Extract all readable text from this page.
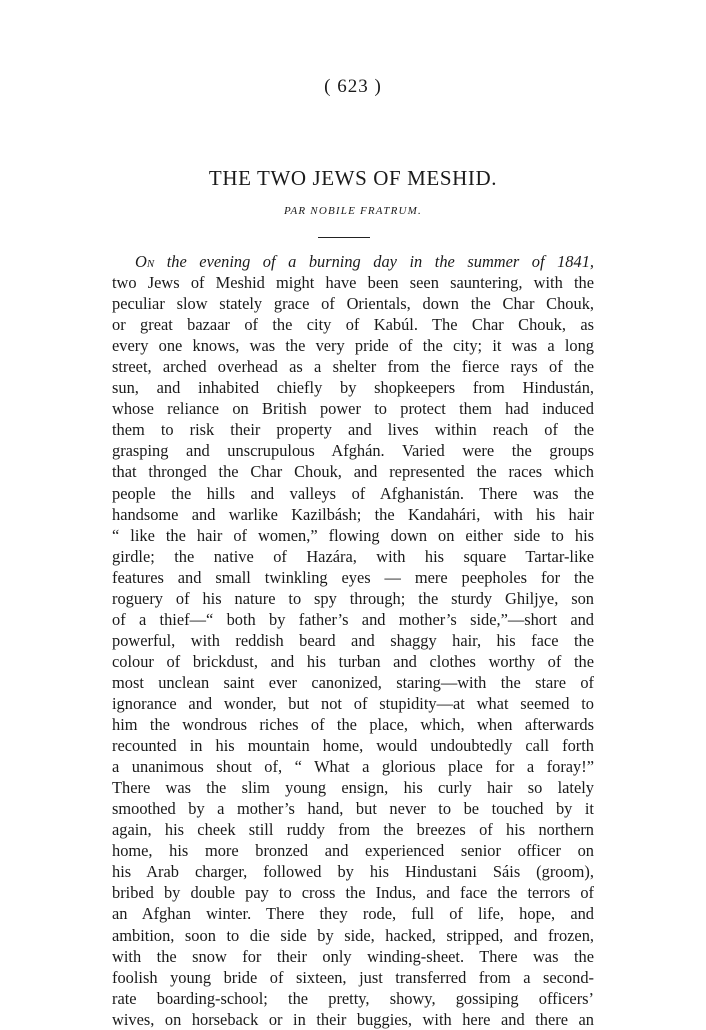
( 623 )
THE TWO JEWS OF MESHID.
PAR NOBILE FRATRUM.
On the evening of a burning day in the summer of 1841,
two Jews of Meshid might have been seen sauntering, with the
peculiar slow stately grace of Orientals, down the Char Chouk,
or great bazaar of the city of Kabúl. The Char Chouk, as
every one knows, was the very pride of the city; it was a long
street, arched overhead as a shelter from the fierce rays of the
sun, and inhabited chiefly by shopkeepers from Hindustán,
whose reliance on British power to protect them had induced
them to risk their property and lives within reach of the
grasping and unscrupulous Afghán. Varied were the groups
that thronged the Char Chouk, and represented the races which
people the hills and valleys of Afghanistán. There was the
handsome and warlike Kazilbásh; the Kandahári, with his hair
“ like the hair of women,” flowing down on either side to his
girdle; the native of Hazára, with his square Tartar-like
features and small twinkling eyes — mere peepholes for the
roguery of his nature to spy through; the sturdy Ghiljye, son
of a thief—“ both by father’s and mother’s side,”—short and
powerful, with reddish beard and shaggy hair, his face the
colour of brickdust, and his turban and clothes worthy of the
most unclean saint ever canonized, staring—with the stare of
ignorance and wonder, but not of stupidity—at what seemed to
him the wondrous riches of the place, which, when afterwards
recounted in his mountain home, would undoubtedly call forth
a unanimous shout of, “ What a glorious place for a foray!”
There was the slim young ensign, his curly hair so lately
smoothed by a mother’s hand, but never to be touched by it
again, his cheek still ruddy from the breezes of his northern
home, his more bronzed and experienced senior officer on
his Arab charger, followed by his Hindustani Sáis (groom),
bribed by double pay to cross the Indus, and face the terrors of
an Afghan winter. There they rode, full of life, hope, and
ambition, soon to die side by side, hacked, stripped, and frozen,
with the snow for their only winding-sheet. There was the
foolish young bride of sixteen, just transferred from a second-
rate boarding-school; the pretty, showy, gossiping officers’
wives, on horseback or in their buggies, with here and there an
